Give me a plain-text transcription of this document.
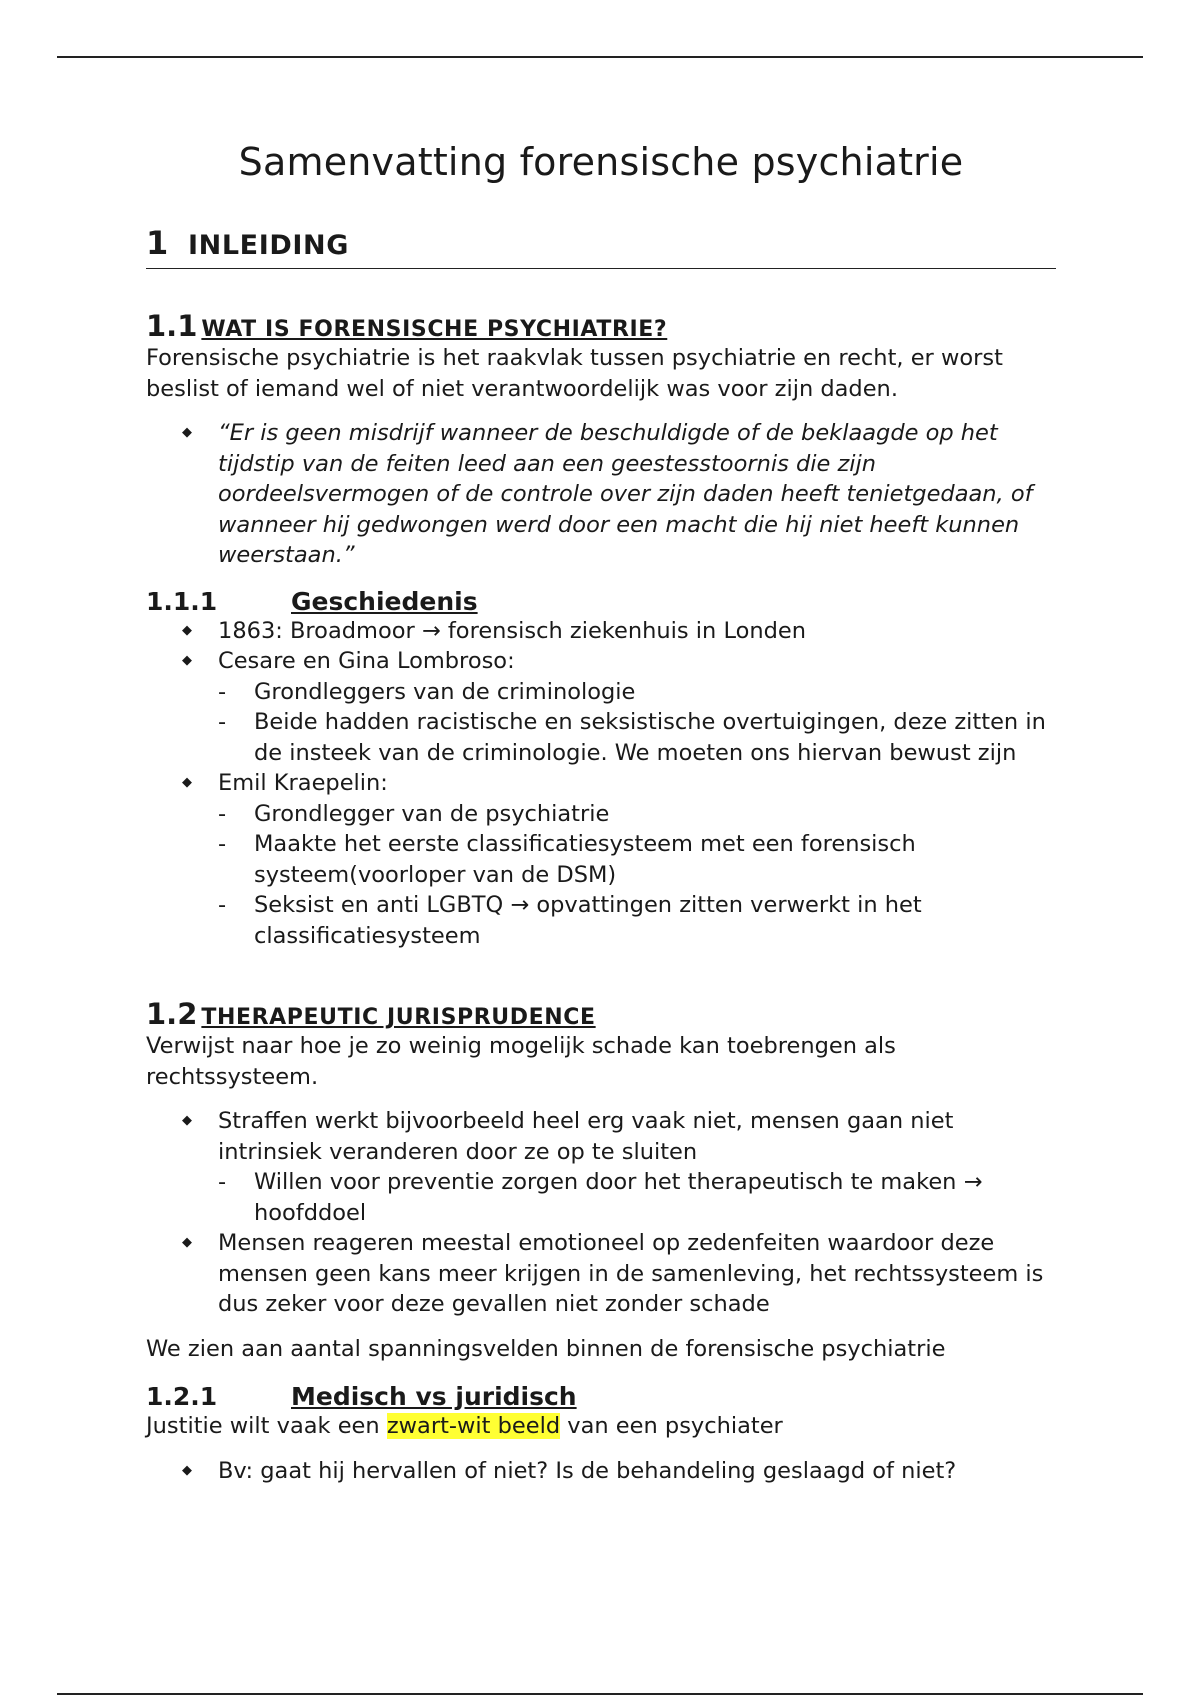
Samenvatting forensische psychiatrie
1 INLEIDING
1.1 WAT IS FORENSISCHE PSYCHIATRIE?

Forensische psychiatrie is het raakvlak tussen psychiatrie en recht, er worst beslist of iemand wel of niet verantwoordelijk was voor zijn daden.

◆ “Er is geen misdrijf wanneer de beschuldigde of de beklaagde op het tijdstip van de feiten leed aan een geestesstoornis die zijn oordeelsvermogen of de controle over zijn daden heeft tenietgedaan, of wanneer hij gedwongen werd door een macht die hij niet heeft kunnen weerstaan.”
1.1.1	Geschiedenis
◆ 1863: Broadmoor → forensisch ziekenhuis in Londen
◆ Cesare en Gina Lombroso:
- Grondleggers van de criminologie
- Beide hadden racistische en seksistische overtuigingen, deze zitten in de insteek van de criminologie. We moeten ons hiervan bewust zijn
◆ Emil Kraepelin:
- Grondlegger van de psychiatrie
- Maakte het eerste classificatiesysteem met een forensisch systeem(voorloper van de DSM)
- Seksist en anti LGBTQ → opvattingen zitten verwerkt in het classificatiesysteem
1.2 THERAPEUTIC JURISPRUDENCE

Verwijst naar hoe je zo weinig mogelijk schade kan toebrengen als rechtssysteem.

◆ Straffen werkt bijvoorbeeld heel erg vaak niet, mensen gaan niet intrinsiek veranderen door ze op te sluiten
- Willen voor preventie zorgen door het therapeutisch te maken → hoofddoel
◆ Mensen reageren meestal emotioneel op zedenfeiten waardoor deze mensen geen kans meer krijgen in de samenleving, het rechtssysteem is dus zeker voor deze gevallen niet zonder schade

We zien aan aantal spanningsvelden binnen de forensische psychiatrie

1.2.1	Medisch vs juridisch

Justitie wilt vaak een zwart-wit beeld van een psychiater

◆ Bv: gaat hij hervallen of niet? Is de behandeling geslaagd of niet?
